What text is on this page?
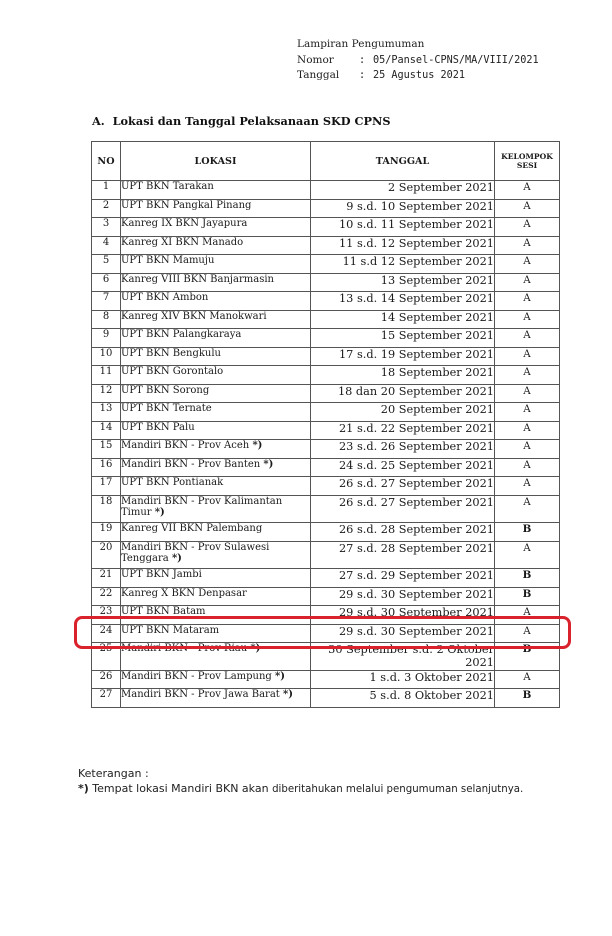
Lampiran Pengumuman
Nomor : 05/Pansel-CPNS/MA/VIII/2021
Tanggal : 25 Agustus 2021
A.  Lokasi dan Tanggal Pelaksanaan SKD CPNS
NO	LOKASI	TANGGAL	KELOMPOK SESI
1	UPT BKN Tarakan	2 September 2021	A
2	UPT BKN Pangkal Pinang	9 s.d. 10 September 2021	A
3	Kanreg IX BKN Jayapura	10 s.d. 11 September 2021	A
4	Kanreg XI BKN Manado	11 s.d. 12 September 2021	A
5	UPT BKN Mamuju	11 s.d 12 September 2021	A
6	Kanreg VIII BKN Banjarmasin	13 September 2021	A
7	UPT BKN Ambon	13 s.d. 14 September 2021	A
8	Kanreg XIV BKN Manokwari	14 September 2021	A
9	UPT BKN Palangkaraya	15 September 2021	A
10	UPT BKN Bengkulu	17 s.d. 19 September 2021	A
11	UPT BKN Gorontalo	18 September 2021	A
12	UPT BKN Sorong	18 dan 20 September 2021	A
13	UPT BKN Ternate	20 September 2021	A
14	UPT BKN Palu	21 s.d. 22 September 2021	A
15	Mandiri BKN - Prov Aceh *)	23 s.d. 26 September 2021	A
16	Mandiri BKN - Prov Banten *)	24 s.d. 25 September 2021	A
17	UPT BKN Pontianak	26 s.d. 27 September 2021	A
18	Mandiri BKN - Prov Kalimantan Timur *)	26 s.d. 27 September 2021	A
19	Kanreg VII BKN Palembang	26 s.d. 28 September 2021	B
20	Mandiri BKN - Prov Sulawesi Tenggara *)	27 s.d. 28 September 2021	A
21	UPT BKN Jambi	27 s.d. 29 September 2021	B
22	Kanreg X BKN Denpasar	29 s.d. 30 September 2021	B
23	UPT BKN Batam	29 s.d. 30 September 2021	A
24	UPT BKN Mataram	29 s.d. 30 September 2021	A
25	Mandiri BKN - Prov Riau *)	30 September s.d. 2 Oktober 2021	B
26	Mandiri BKN - Prov Lampung *)	1 s.d. 3 Oktober 2021	A
27	Mandiri BKN - Prov Jawa Barat *)	5 s.d. 8 Oktober 2021	B
Keterangan :
*) Tempat lokasi Mandiri BKN akan diberitahukan melalui pengumuman selanjutnya.
